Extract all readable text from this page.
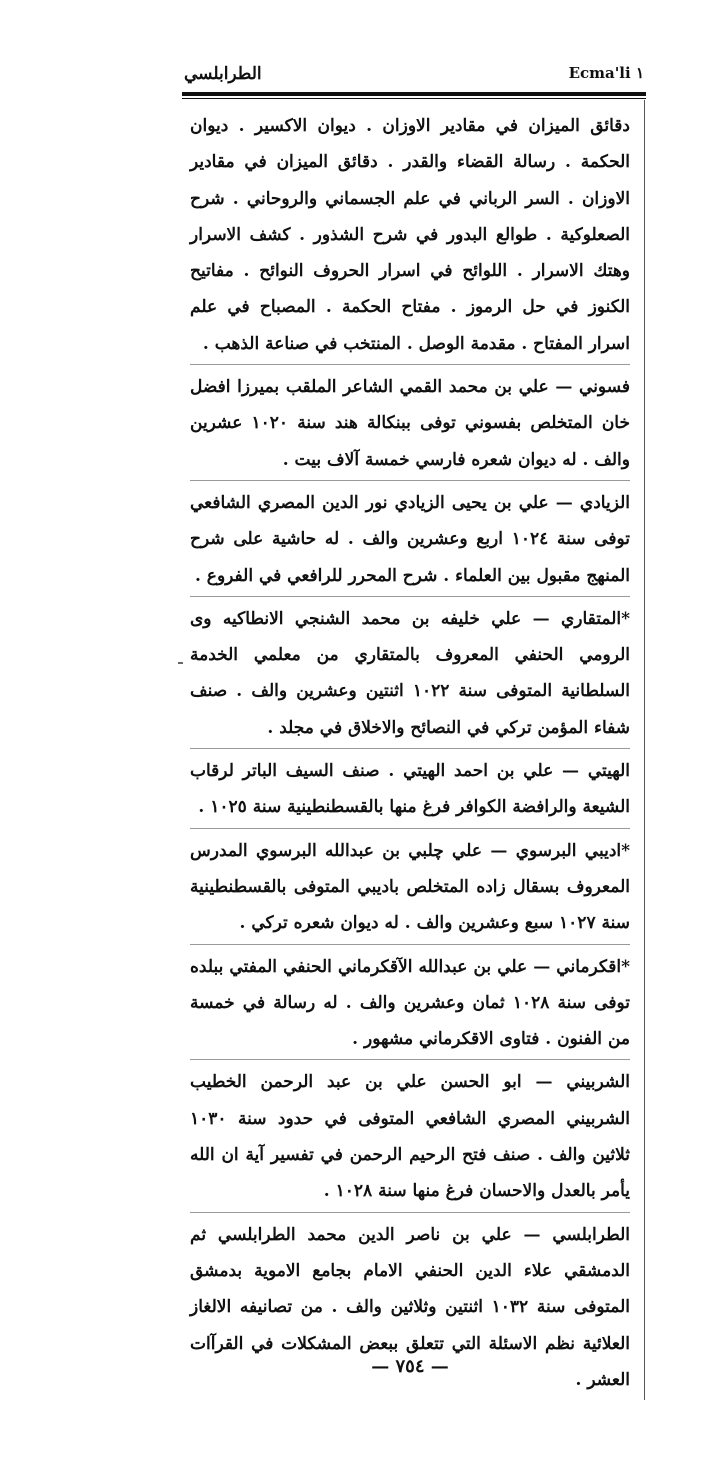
الطرابلسي	Ecma'li ١

دقائق الميزان في مقادير الاوزان . ديوان الاكسير . ديوان الحكمة . رسالة القضاء والقدر . دقائق الميزان في مقادير الاوزان . السر الرباني في علم الجسماني والروحاني . شرح الصعلوكية . طوالع البدور في شرح الشذور . كشف الاسرار وهتك الاسرار . اللوائح في اسرار الحروف النوائح . مفاتيح الكنوز في حل الرموز . مفتاح الحكمة . المصباح في علم اسرار المفتاح . مقدمة الوصل . المنتخب في صناعة الذهب .

فسوني — علي بن محمد القمي الشاعر الملقب بميرزا افضل خان المتخلص بفسوني توفى ببنكالة هند سنة ١٠٢٠ عشرين والف . له ديوان شعره فارسي خمسة آلاف بيت .

الزيادي — علي بن يحيى الزيادي نور الدين المصري الشافعي توفى سنة ١٠٢٤ اربع وعشرين والف . له حاشية على شرح المنهج مقبول بين العلماء . شرح المحرر للرافعي في الفروع .

*المتقاري — علي خليفه بن محمد الشنجي الانطاكيه وى الرومي الحنفي المعروف بالمتقاري من معلمي الخدمة السلطانية المتوفى سنة ١٠٢٢ اثنتين وعشرين والف . صنف شفاء المؤمن تركي في النصائح والاخلاق في مجلد .

الهيتي — علي بن احمد الهيتي . صنف السيف الباتر لرقاب الشيعة والرافضة الكوافر فرغ منها بالقسطنطينية سنة ١٠٢٥ .

*اديبي البرسوي — علي چلبي بن عبدالله البرسوي المدرس المعروف بسقال زاده المتخلص باديبي المتوفى بالقسطنطينية سنة ١٠٢٧ سبع وعشرين والف . له ديوان شعره تركي .

*اقكرماني — علي بن عبدالله الآقكرماني الحنفي المفتي ببلده توفى سنة ١٠٢٨ ثمان وعشرين والف . له رسالة في خمسة من الفنون . فتاوى الاقكرماني مشهور .

الشربيني — ابو الحسن علي بن عبد الرحمن الخطيب الشربيني المصري الشافعي المتوفى في حدود سنة ١٠٣٠ ثلاثين والف . صنف فتح الرحيم الرحمن في تفسير آية ان الله يأمر بالعدل والاحسان فرغ منها سنة ١٠٢٨ .

الطرابلسي — علي بن ناصر الدين محمد الطرابلسي ثم الدمشقي علاء الدين الحنفي الامام بجامع الاموية بدمشق المتوفى سنة ١٠٣٢ اثنتين وثلاثين والف . من تصانيفه الالغاز العلائية نظم الاسئلة التي تتعلق ببعض المشكلات في القرآات العشر .

— ٧٥٤ —
